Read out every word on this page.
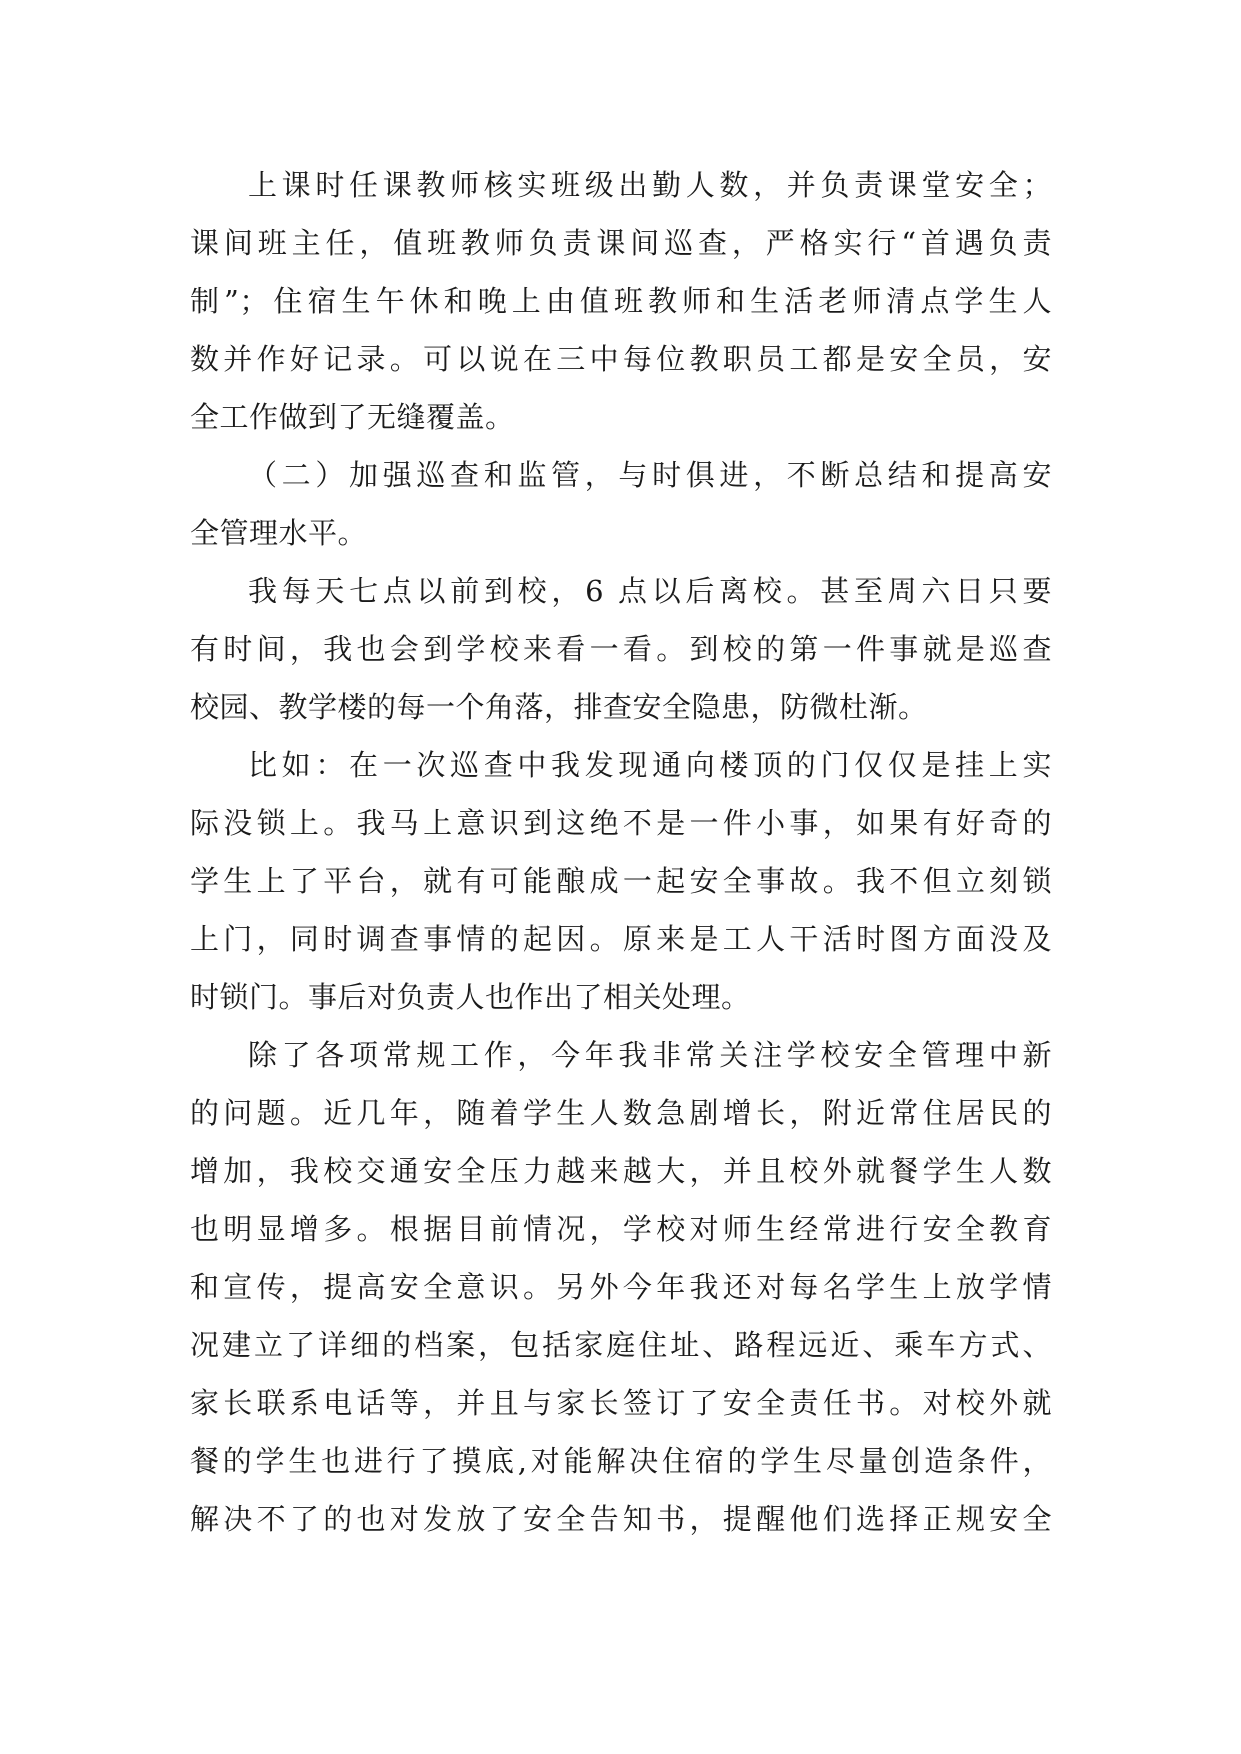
上课时任课教师核实班级出勤人数，并负责课堂安全；
课间班主任，值班教师负责课间巡查，严格实行“首遇负责
制”；住宿生午休和晚上由值班教师和生活老师清点学生人
数并作好记录。可以说在三中每位教职员工都是安全员，安
全工作做到了无缝覆盖。
（二）加强巡查和监管，与时俱进，不断总结和提高安
全管理水平。
我每天七点以前到校，6 点以后离校。甚至周六日只要
有时间，我也会到学校来看一看。到校的第一件事就是巡查
校园、教学楼的每一个角落，排查安全隐患，防微杜渐。
比如：在一次巡查中我发现通向楼顶的门仅仅是挂上实
际没锁上。我马上意识到这绝不是一件小事，如果有好奇的
学生上了平台，就有可能酿成一起安全事故。我不但立刻锁
上门，同时调查事情的起因。原来是工人干活时图方面没及
时锁门。事后对负责人也作出了相关处理。
除了各项常规工作，今年我非常关注学校安全管理中新
的问题。近几年，随着学生人数急剧增长，附近常住居民的
增加，我校交通安全压力越来越大，并且校外就餐学生人数
也明显增多。根据目前情况，学校对师生经常进行安全教育
和宣传，提高安全意识。另外今年我还对每名学生上放学情
况建立了详细的档案，包括家庭住址、路程远近、乘车方式、
家长联系电话等，并且与家长签订了安全责任书。对校外就
餐的学生也进行了摸底,对能解决住宿的学生尽量创造条件，
解决不了的也对发放了安全告知书，提醒他们选择正规安全
